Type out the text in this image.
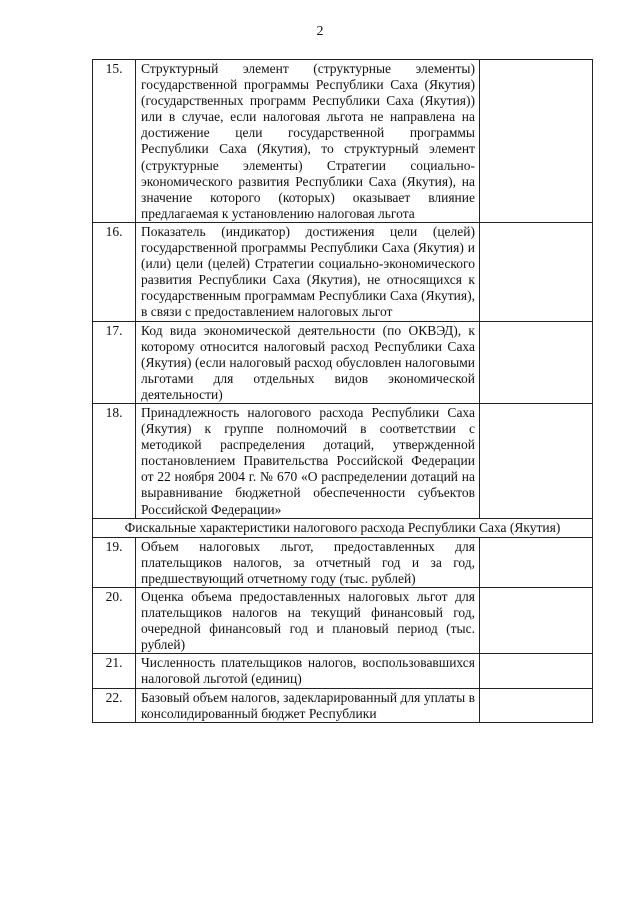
2
15.	Структурный элемент (структурные элементы) государственной программы Республики Саха (Якутия) (государственных программ Республики Саха (Якутия)) или в случае, если налоговая льгота не направлена на достижение цели государственной программы Республики Саха (Якутия), то структурный элемент (структурные элементы) Стратегии социально-экономического развития Республики Саха (Якутия), на значение которого (которых) оказывает влияние предлагаемая к установлению налоговая льгота	
16.	Показатель (индикатор) достижения цели (целей) государственной программы Республики Саха (Якутия) и (или) цели (целей) Стратегии социально-экономического развития Республики Саха (Якутия), не относящихся к государственным программам Республики Саха (Якутия), в связи с предоставлением налоговых льгот	
17.	Код вида экономической деятельности (по ОКВЭД), к которому относится налоговый расход Республики Саха (Якутия) (если налоговый расход обусловлен налоговыми льготами для отдельных видов экономической деятельности)	
18.	Принадлежность налогового расхода Республики Саха (Якутия) к группе полномочий в соответствии с методикой распределения дотаций, утвержденной постановлением Правительства Российской Федерации от 22 ноября 2004 г. № 670 «О распределении дотаций на выравнивание бюджетной обеспеченности субъектов Российской Федерации»	
Фискальные характеристики налогового расхода Республики Саха (Якутия)		
19.	Объем налоговых льгот, предоставленных для плательщиков налогов, за отчетный год и за год, предшествующий отчетному году (тыс. рублей)	
20.	Оценка объема предоставленных налоговых льгот для плательщиков налогов на текущий финансовый год, очередной финансовый год и плановый период (тыс. рублей)	
21.	Численность плательщиков налогов, воспользовавшихся налоговой льготой (единиц)	
22.	Базовый объем налогов, задекларированный для уплаты в консолидированный бюджет Республики	
